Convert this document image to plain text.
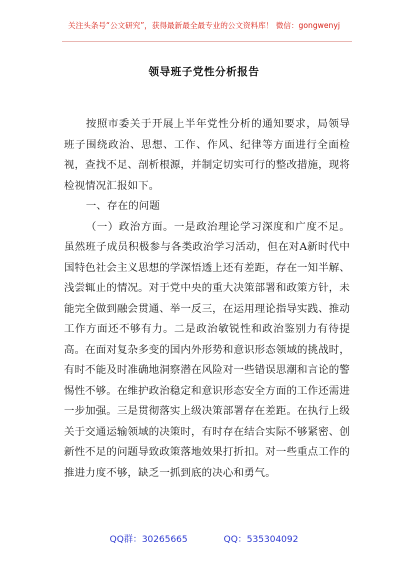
关注头条号“公文研究”，获得最新最全最专业的公文资料库！ 微信：gongwenyj
领导班子党性分析报告

按照市委关于开展上半年党性分析的通知要求，局领导班子围绕政治、思想、工作、作风、纪律等方面进行全面检视，查找不足、剖析根源，并制定切实可行的整改措施，现将检视情况汇报如下。

一、存在的问题

（一）政治方面。一是政治理论学习深度和广度不足。虽然班子成员积极参与各类政治学习活动，但在对A新时代中国特色社会主义思想的学深悟透上还有差距，存在一知半解、浅尝辄止的情况。对于党中央的重大决策部署和政策方针，未能完全做到融会贯通、举一反三，在运用理论指导实践、推动工作方面还不够有力。二是政治敏锐性和政治鉴别力有待提高。在面对复杂多变的国内外形势和意识形态领域的挑战时，有时不能及时准确地洞察潜在风险对一些错误思潮和言论的警惕性不够。在维护政治稳定和意识形态安全方面的工作还需进一步加强。三是贯彻落实上级决策部署存在差距。在执行上级关于交通运输领域的决策时，有时存在结合实际不够紧密、创新性不足的问题导致政策落地效果打折扣。对一些重点工作的推进力度不够，缺乏一抓到底的决心和勇气。

QQ群：30265665	QQ：535304092
